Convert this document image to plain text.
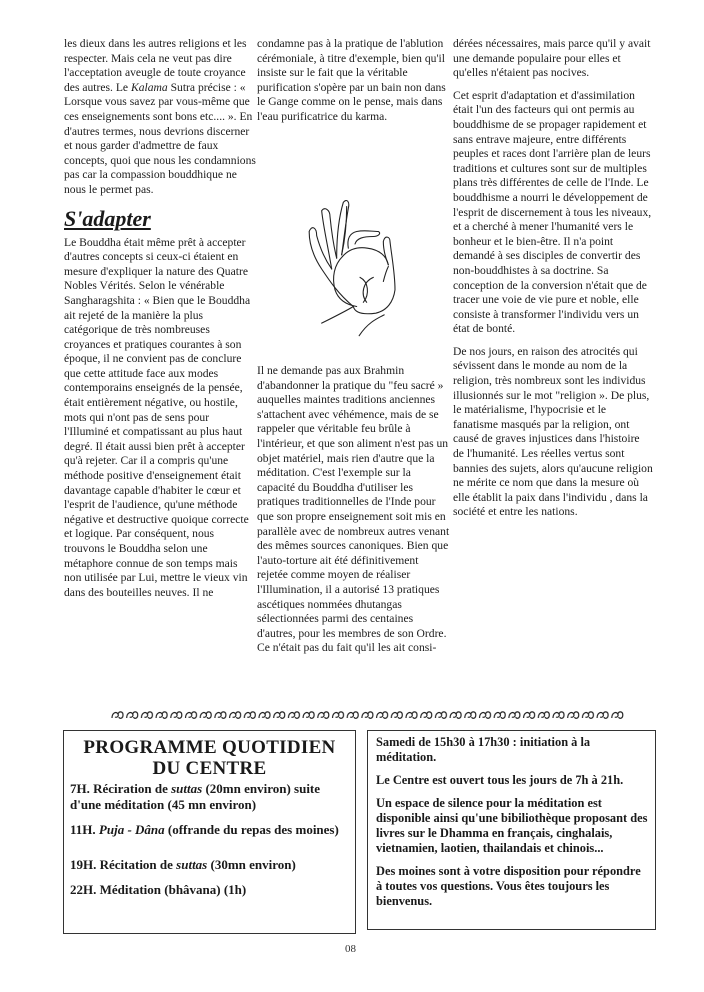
les dieux dans les autres religions et les respecter. Mais cela ne veut pas dire l'acceptation aveugle de toute croyance des autres. Le Kalama Sutra précise : « Lorsque vous savez par vous-même que ces enseignements sont bons etc.... ». En d'autres termes, nous devrions discerner et nous garder d'admettre de faux concepts, quoi que nous les condamnions pas car la compassion bouddhique ne nous le permet pas.

S'adapter

Le Bouddha était même prêt à accepter d'autres concepts si ceux-ci étaient en mesure d'expliquer la nature des Quatre Nobles Vérités. Selon le vénérable Sangharagshita : « Bien que le Bouddha ait rejeté de la manière la plus catégorique de très nombreuses croyances et pratiques courantes à son époque, il ne convient pas de conclure que cette attitude face aux modes contemporains enseignés de la pensée, était entièrement négative, ou hostile, mots qui n'ont pas de sens pour l'Illuminé et compatissant au plus haut degré. Il était aussi bien prêt à accepter qu'à rejeter. Car il a compris qu'une méthode positive d'enseignement était davantage capable d'habiter le cœur et l'esprit de l'audience, qu'une méthode négative et destructive quoique correcte et logique. Par conséquent, nous trouvons le Bouddha selon une métaphore connue de son temps mais non utilisée par Lui, mettre le vieux vin dans des bouteilles neuves. Il ne

condamne pas à la pratique de l'ablution cérémoniale, à titre d'exemple, bien qu'il insiste sur le fait que la véritable purification s'opère par un bain non dans le Gange comme on le pense, mais dans l'eau purificatrice du karma.

Il ne demande pas aux Brahmin d'abandonner la pratique du "feu sacré » auquelles maintes traditions anciennes s'attachent avec véhémence, mais de se rappeler que véritable feu brûle à l'intérieur, et que son aliment n'est pas un objet matériel, mais rien d'autre que la méditation. C'est l'exemple sur la capacité du Bouddha d'utiliser les pratiques traditionnelles de l'Inde pour que son propre enseignement soit mis en parallèle avec de nombreux autres venant des mêmes sources canoniques. Bien que l'auto-torture ait été définitivement rejetée comme moyen de réaliser l'Illumination, il a autorisé 13 pratiques ascétiques nommées dhutangas sélectionnées parmi des centaines d'autres, pour les membres de son Ordre. Ce n'était pas du fait qu'il les ait consi-

dérées nécessaires, mais parce qu'il y avait une demande populaire pour elles et qu'elles n'étaient pas nocives.

Cet esprit d'adaptation et d'assimilation était l'un des facteurs qui ont permis au bouddhisme de se propager rapidement et sans entrave majeure, entre différents peuples et races dont l'arrière plan de leurs traditions et cultures sont sur de multiples plans très différentes de celle de l'Inde. Le bouddhisme a nourri le développement de l'esprit de discernement à tous les niveaux, et a cherché à mener l'humanité vers le bonheur et le bien-être. Il n'a point demandé à ses disciples de convertir des non-bouddhistes à sa doctrine. Sa conception de la conversion n'était que de tracer une voie de vie pure et noble, elle consiste à transformer l'individu vers un état de bonté.

De nos jours, en raison des atrocités qui sévissent dans le monde au nom de la religion, très nombreux sont les individus illusionnés sur le mot "religion ». De plus, le matérialisme, l'hypocrisie et le fanatisme masqués par la religion, ont causé de graves injustices dans l'histoire de l'humanité. Les réelles vertus sont bannies des sujets, alors qu'aucune religion ne mérite ce nom que dans la mesure où elle établit la paix dans l'individu , dans la société et entre les nations.

PROGRAMME QUOTIDIEN
DU CENTRE
7H. Réciration de suttas (20mn environ) suite d'une méditation (45 mn environ)
11H. Puja - Dâna (offrande du repas des moines)
19H. Récitation de suttas (30mn environ)
22H. Méditation (bhâvana) (1h)
Samedi de 15h30 à 17h30 : initiation à la méditation.
Le Centre est ouvert tous les jours de 7h à 21h.
Un espace de silence pour la méditation est disponible ainsi qu'une bibiliothèque proposant des livres sur le Dhamma en français, cinghalais, vietnamien, laotien, thailandais et chinois...
Des moines sont à votre disposition pour répondre à toutes vos questions. Vous êtes toujours les bienvenus.
08
